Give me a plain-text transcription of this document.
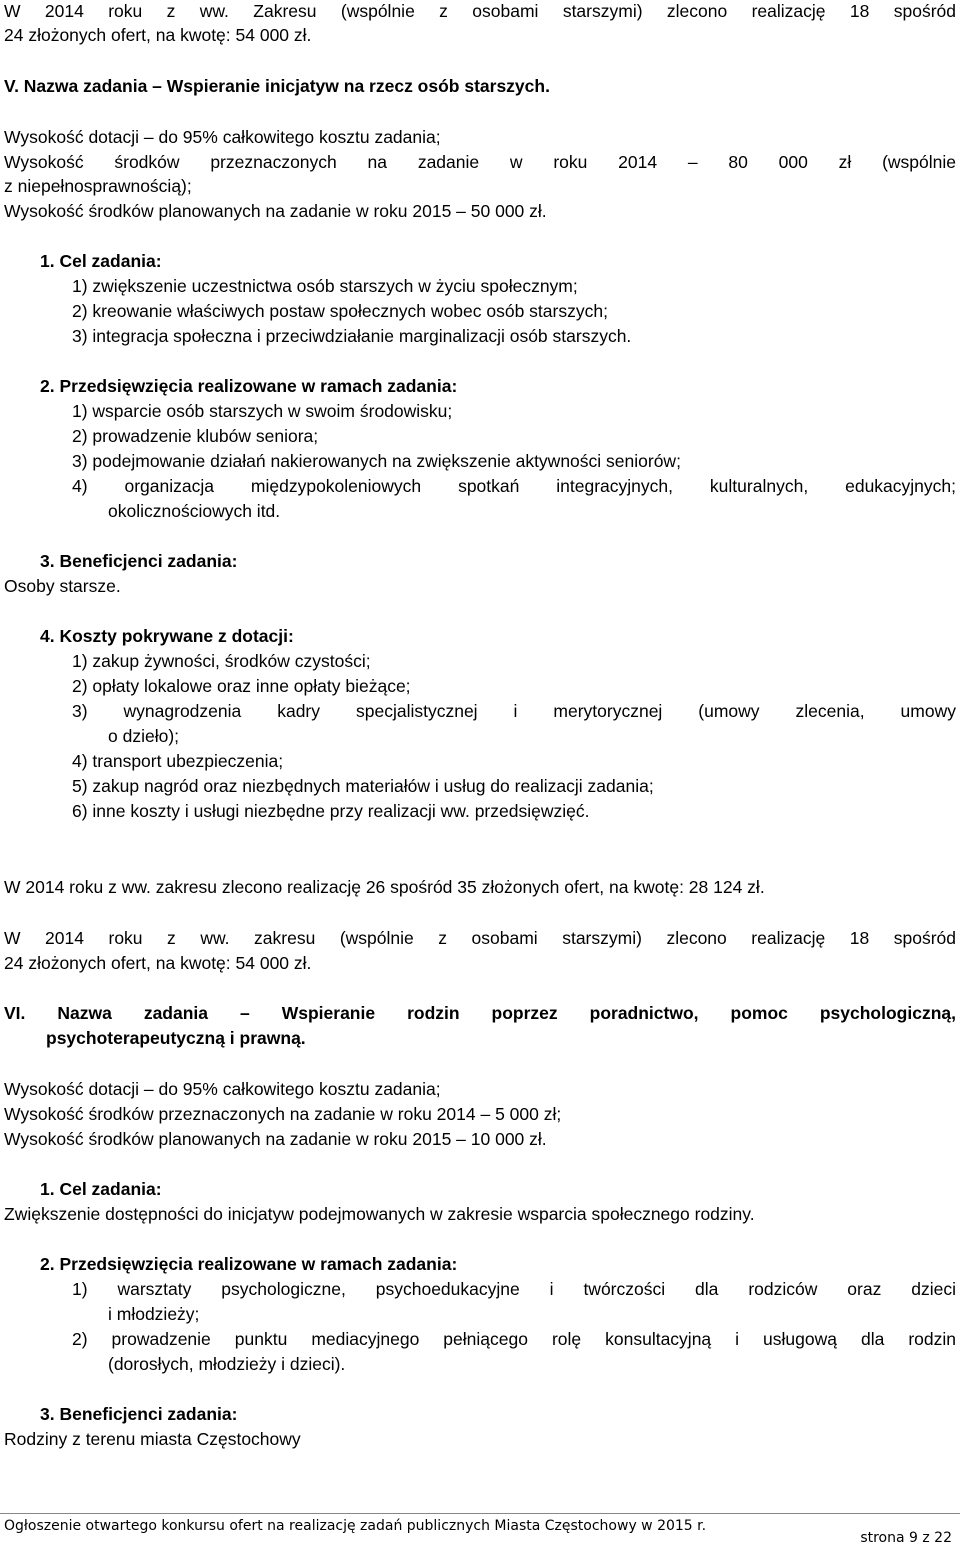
W 2014 roku z ww. Zakresu (wspólnie z osobami starszymi) zlecono realizację 18 spośród
24 złożonych ofert, na kwotę: 54 000 zł.
V. Nazwa zadania – Wspieranie inicjatyw na rzecz osób starszych.
Wysokość dotacji – do 95% całkowitego kosztu zadania;
Wysokość środków przeznaczonych na zadanie w roku 2014 – 80 000 zł (wspólnie
z niepełnosprawnością);
Wysokość środków planowanych na zadanie w roku 2015 – 50 000 zł.
1. Cel zadania:
1) zwiększenie uczestnictwa osób starszych w życiu społecznym;
2) kreowanie właściwych postaw społecznych wobec osób starszych;
3) integracja społeczna i przeciwdziałanie marginalizacji osób starszych.
2. Przedsięwzięcia realizowane w ramach zadania:
1) wsparcie osób starszych w swoim środowisku;
2) prowadzenie klubów seniora;
3) podejmowanie działań nakierowanych na zwiększenie aktywności seniorów;
4) organizacja międzypokoleniowych spotkań integracyjnych, kulturalnych, edukacyjnych;
okolicznościowych itd.
3. Beneficjenci zadania:
Osoby starsze.
4. Koszty pokrywane z dotacji:
1) zakup żywności, środków czystości;
2) opłaty lokalowe oraz inne opłaty bieżące;
3) wynagrodzenia kadry specjalistycznej i merytorycznej (umowy zlecenia, umowy
o dzieło);
4) transport ubezpieczenia;
5) zakup nagród oraz niezbędnych materiałów i usług do realizacji zadania;
6) inne koszty i usługi niezbędne przy realizacji ww. przedsięwzięć.
W 2014 roku z ww. zakresu zlecono realizację 26 spośród 35 złożonych ofert, na kwotę: 28 124 zł.
W 2014 roku z ww. zakresu (wspólnie z osobami starszymi) zlecono realizację 18 spośród
24 złożonych ofert, na kwotę: 54 000 zł.
VI. Nazwa zadania – Wspieranie rodzin poprzez poradnictwo, pomoc psychologiczną,
psychoterapeutyczną i prawną.
Wysokość dotacji – do 95% całkowitego kosztu zadania;
Wysokość środków przeznaczonych na zadanie w roku 2014 – 5 000 zł;
Wysokość środków planowanych na zadanie w roku 2015 – 10 000 zł.
1. Cel zadania:
Zwiększenie dostępności do inicjatyw podejmowanych w zakresie wsparcia społecznego rodziny.
2. Przedsięwzięcia realizowane w ramach zadania:
1) warsztaty psychologiczne, psychoedukacyjne i twórczości dla rodziców oraz dzieci
i młodzieży;
2) prowadzenie punktu mediacyjnego pełniącego rolę konsultacyjną i usługową dla rodzin
(dorosłych, młodzieży i dzieci).
3. Beneficjenci zadania:
Rodziny z terenu miasta Częstochowy
Ogłoszenie otwartego konkursu ofert na realizację zadań publicznych Miasta Częstochowy w 2015 r.
strona 9 z 22
